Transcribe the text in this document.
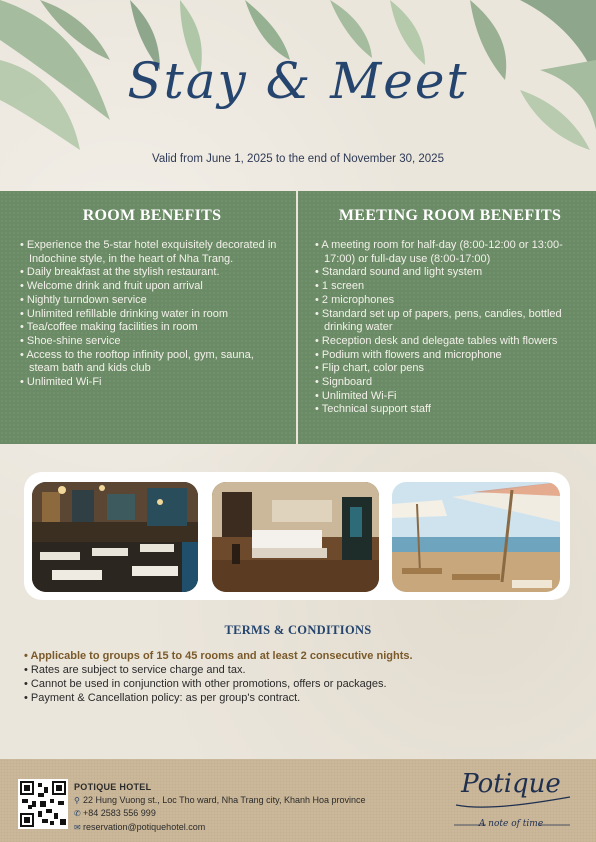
Stay & Meet
Valid from June 1, 2025 to the end of November 30, 2025
ROOM BENEFITS
• Experience the 5-star hotel exquisitely decorated in Indochine style, in the heart of Nha Trang.
• Daily breakfast at the stylish restaurant.
• Welcome drink and fruit upon arrival
• Nightly turndown service
• Unlimited refillable drinking water in room
• Tea/coffee making facilities in room
• Shoe-shine service
• Access to the rooftop infinity pool, gym, sauna, steam bath and kids club
• Unlimited Wi-Fi
MEETING ROOM BENEFITS
• A meeting room for half-day (8:00-12:00 or 13:00-17:00) or full-day use (8:00-17:00)
• Standard sound and light system
• 1 screen
• 2 microphones
• Standard set up of papers, pens, candies, bottled drinking water
• Reception desk and delegate tables with flowers
• Podium with flowers and microphone
• Flip chart, color pens
• Signboard
• Unlimited Wi-Fi
• Technical support staff
TERMS & CONDITIONS
• Applicable to groups of 15 to 45 rooms and at least 2 consecutive nights.
• Rates are subject to service charge and tax.
• Cannot be used in conjunction with other promotions, offers or packages.
• Payment & Cancellation policy: as per group's contract.
POTIQUE HOTEL
⚲ 22 Hung Vuong st., Loc Tho ward, Nha Trang city, Khanh Hoa province
✆ +84 2583 556 999
✉ reservation@potiquehotel.com
Potique
A note of time
